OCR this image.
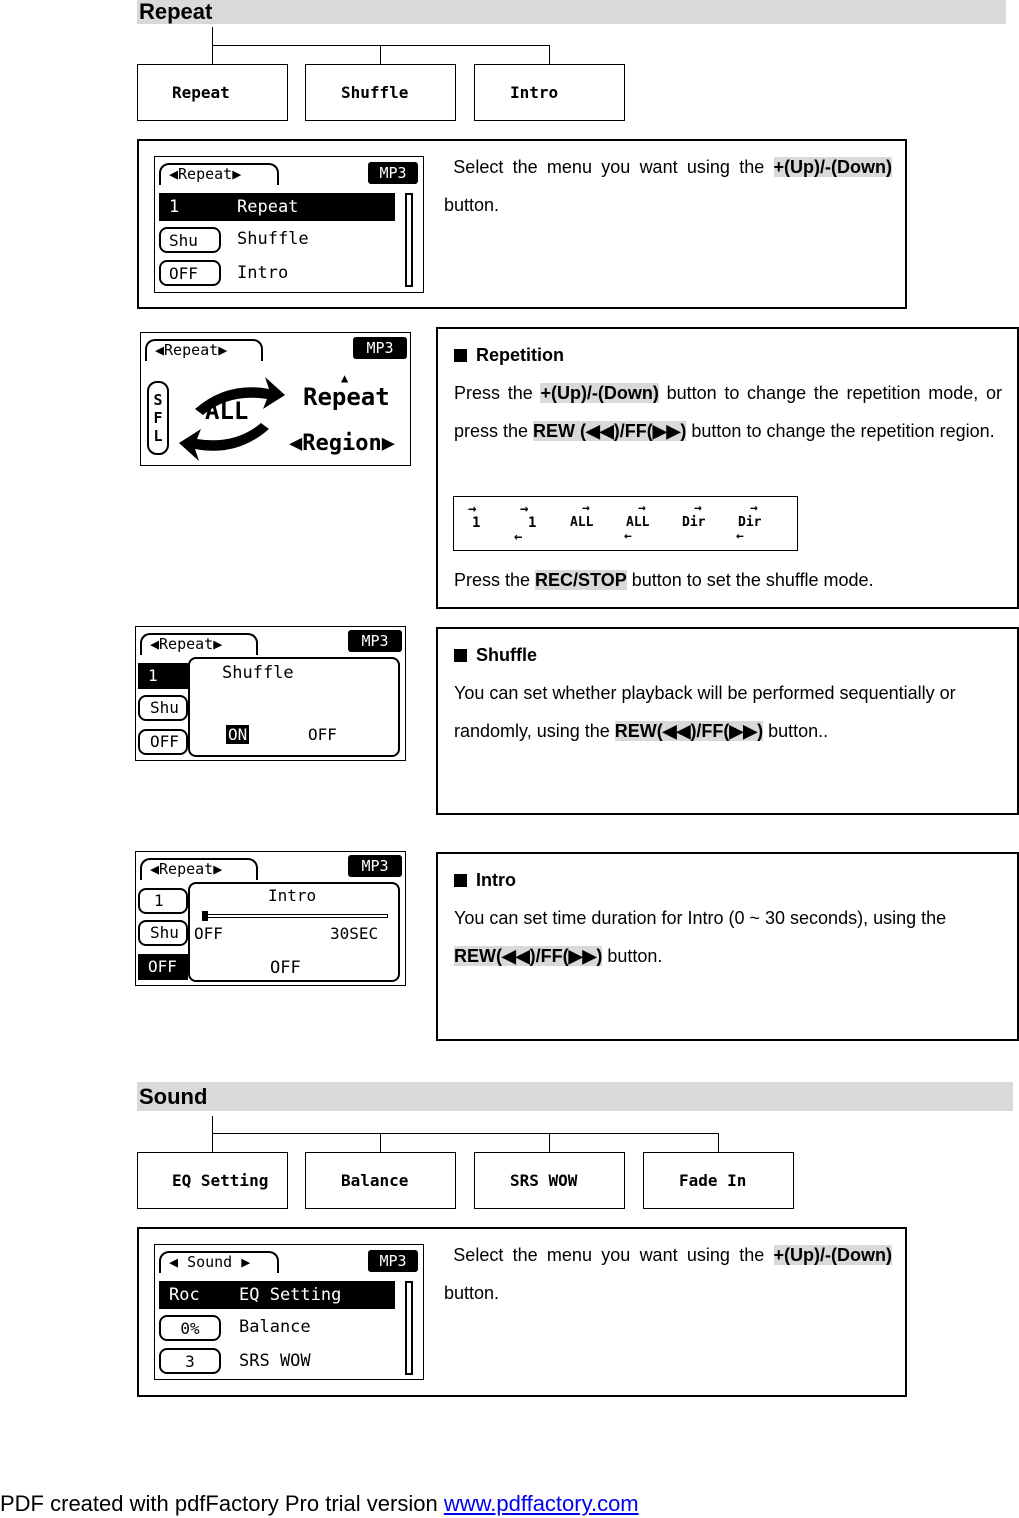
Repeat
Repeat	Shuffle	Intro
◀Repeat▶	MP3
1	Repeat
Shu	Shuffle
OFF	Intro
Select the menu you want using the +(Up)/-(Down) button.
◀Repeat▶	MP3
SFL ALL
▲
Repeat
◀Region▶
Repetition
Press the +(Up)/-(Down) button to change the repetition mode, or press the REW (◀◀)/FF(▶▶) button to change the repetition region.
→
1
→
1
←
→
ALL
→
ALL
←
→
Dir
→
Dir
←
Press the REC/STOP button to set the shuffle mode.
◀Repeat▶	MP3
1
Shu
OFF
Shuffle
ON	OFF
Shuffle
You can set whether playback will be performed sequentially or randomly, using the REW(◀◀)/FF(▶▶) button..
◀Repeat▶	MP3
1
Shu
OFF
Intro
OFF	30SEC
OFF
Intro
You can set time duration for Intro (0 ~ 30 seconds), using the REW(◀◀)/FF(▶▶) button.
Sound
EQ Setting	Balance	SRS WOW	Fade In
◀ Sound ▶	MP3
Roc EQ Setting
0%	Balance
3	SRS WOW
Select the menu you want using the +(Up)/-(Down) button.
PDF created with pdfFactory Pro trial version www.pdffactory.com
